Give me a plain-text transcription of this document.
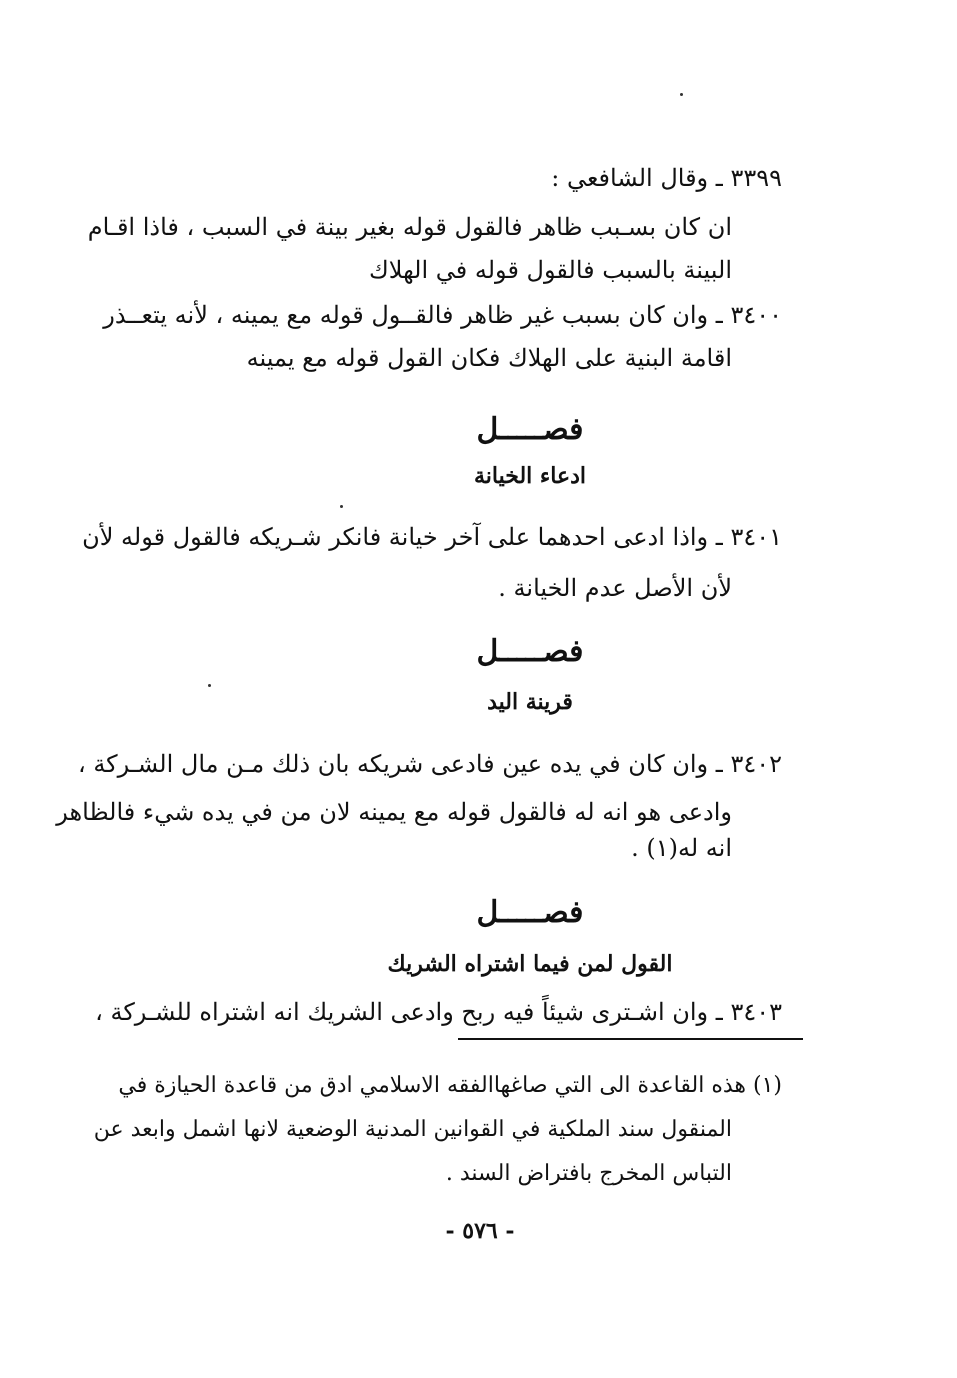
٣٣٩٩ ـ وقال الشافعي :
ان كان بسـبب ظاهر فالقول قوله بغير بينة في السبب ، فاذا اقـام
البينة بالسبب فالقول قوله في الهلاك
٣٤٠٠ ـ وان كان بسبب غير ظاهر فالقــول قوله مع يمينه ، لأنه يتعــذر
اقامة البنية على الهلاك فكان القول قوله مع يمينه
فصـــــل
ادعاء الخيانة
٣٤٠١ ـ واذا ادعى احدهما على آخر خيانة فانكر شـريكه فالقول قوله لأن
لأن الأصل عدم الخيانة .
فصـــــل
قرينة اليد
٣٤٠٢ ـ وان كان في يده عين فادعى شريكه بان ذلك مـن مال الشـركة ،
وادعى هو انه له فالقول قوله مع يمينه لان من في يده شيء فالظاهر
انه له(١) .
فصـــــل
القول لمن فيما اشتراه الشريك
٣٤٠٣ ـ وان اشـترى شيئاً فيه ربح وادعى الشريك انه اشتراه للشـركة ،
(١) هذه القاعدة الى التي صاغهاالفقه الاسلامي ادق من قاعدة الحيازة في
المنقول سند الملكية في القوانين المدنية الوضعية لانها اشمل وابعد عن
التباس المخرج بافتراض السند .
- ٥٧٦ -
